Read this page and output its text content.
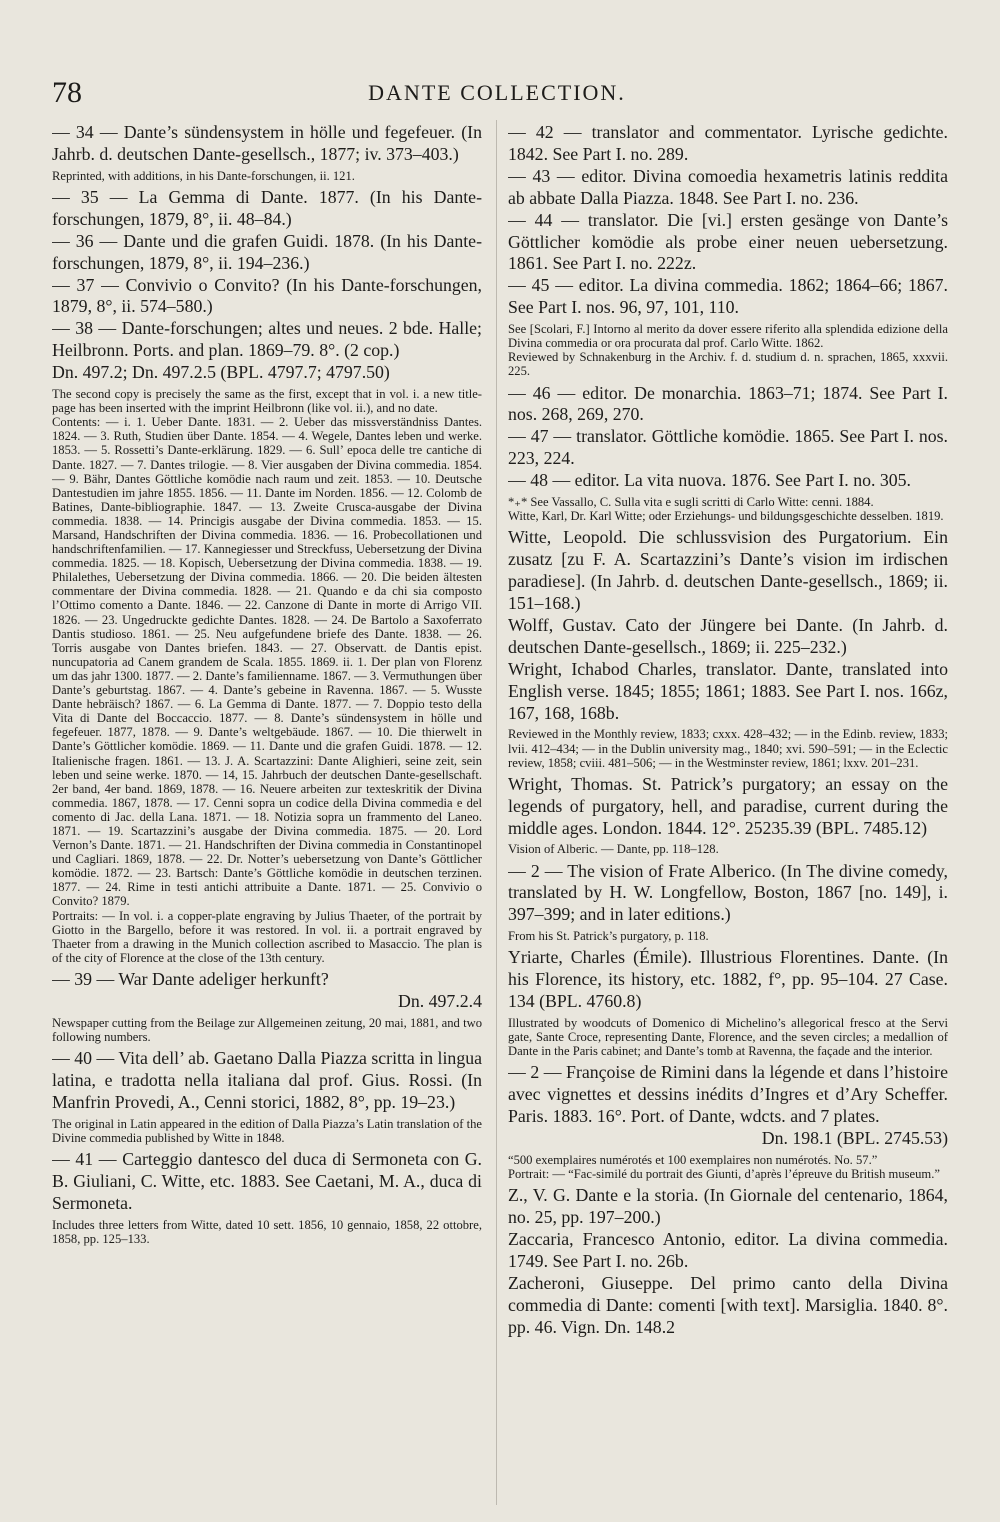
78	DANTE COLLECTION.

— 34 — Dante’s sündensystem in hölle und fegefeuer. (In Jahrb. d. deutschen Dante-gesellsch., 1877; iv. 373–403.)

Reprinted, with additions, in his Dante-forschungen, ii. 121.

— 35 — La Gemma di Dante. 1877. (In his Dante-forschungen, 1879, 8°, ii. 48–84.)

— 36 — Dante und die grafen Guidi. 1878. (In his Dante-forschungen, 1879, 8°, ii. 194–236.)

— 37 — Convivio o Convito? (In his Dante-forschungen, 1879, 8°, ii. 574–580.)

— 38 — Dante-forschungen; altes und neues. 2 bde. Halle; Heilbronn. Ports. and plan. 1869–79. 8°. (2 cop.)

Dn. 497.2; Dn. 497.2.5 (BPL. 4797.7; 4797.50)

The second copy is precisely the same as the first, except that in vol. i. a new title-page has been inserted with the imprint Heilbronn (like vol. ii.), and no date.

Contents: — i. 1. Ueber Dante. 1831. — 2. Ueber das missverständniss Dantes. 1824. — 3. Ruth, Studien über Dante. 1854. — 4. Wegele, Dantes leben und werke. 1853. — 5. Rossetti’s Dante-erklärung. 1829. — 6. Sull’ epoca delle tre cantiche di Dante. 1827. — 7. Dantes trilogie. — 8. Vier ausgaben der Divina commedia. 1854. — 9. Bähr, Dantes Göttliche komödie nach raum und zeit. 1853. — 10. Deutsche Dantestudien im jahre 1855. 1856. — 11. Dante im Norden. 1856. — 12. Colomb de Batines, Dante-bibliographie. 1847. — 13. Zweite Crusca-ausgabe der Divina commedia. 1838. — 14. Princigis ausgabe der Divina commedia. 1853. — 15. Marsand, Handschriften der Divina commedia. 1836. — 16. Probecollationen und handschriftenfamilien. — 17. Kannegiesser und Streckfuss, Uebersetzung der Divina commedia. 1825. — 18. Kopisch, Uebersetzung der Divina commedia. 1838. — 19. Philalethes, Uebersetzung der Divina commedia. 1866. — 20. Die beiden ältesten commentare der Divina commedia. 1828. — 21. Quando e da chi sia composto l’Ottimo comento a Dante. 1846. — 22. Canzone di Dante in morte di Arrigo VII. 1826. — 23. Ungedruckte gedichte Dantes. 1828. — 24. De Bartolo a Saxoferrato Dantis studioso. 1861. — 25. Neu aufgefundene briefe des Dante. 1838. — 26. Torris ausgabe von Dantes briefen. 1843. — 27. Observatt. de Dantis epist. nuncupatoria ad Canem grandem de Scala. 1855. 1869. ii. 1. Der plan von Florenz um das jahr 1300. 1877. — 2. Dante’s familienname. 1867. — 3. Vermuthungen über Dante’s geburtstag. 1867. — 4. Dante’s gebeine in Ravenna. 1867. — 5. Wusste Dante hebräisch? 1867. — 6. La Gemma di Dante. 1877. — 7. Doppio testo della Vita di Dante del Boccaccio. 1877. — 8. Dante’s sündensystem in hölle und fegefeuer. 1877, 1878. — 9. Dante’s weltgebäude. 1867. — 10. Die thierwelt in Dante’s Göttlicher komödie. 1869. — 11. Dante und die grafen Guidi. 1878. — 12. Italienische fragen. 1861. — 13. J. A. Scartazzini: Dante Alighieri, seine zeit, sein leben und seine werke. 1870. — 14, 15. Jahrbuch der deutschen Dante-gesellschaft. 2er band, 4er band. 1869, 1878. — 16. Neuere arbeiten zur texteskritik der Divina commedia. 1867, 1878. — 17. Cenni sopra un codice della Divina commedia e del comento di Jac. della Lana. 1871. — 18. Notizia sopra un frammento del Laneo. 1871. — 19. Scartazzini’s ausgabe der Divina commedia. 1875. — 20. Lord Vernon’s Dante. 1871. — 21. Handschriften der Divina commedia in Constantinopel und Cagliari. 1869, 1878. — 22. Dr. Notter’s uebersetzung von Dante’s Göttlicher komödie. 1872. — 23. Bartsch: Dante’s Göttliche komödie in deutschen terzinen. 1877. — 24. Rime in testi antichi attribuite a Dante. 1871. — 25. Convivio o Convito? 1879.

Portraits: — In vol. i. a copper-plate engraving by Julius Thaeter, of the portrait by Giotto in the Bargello, before it was restored. In vol. ii. a portrait engraved by Thaeter from a drawing in the Munich collection ascribed to Masaccio. The plan is of the city of Florence at the close of the 13th century.

— 39 — War Dante adeliger herkunft?

Dn. 497.2.4

Newspaper cutting from the Beilage zur Allgemeinen zeitung, 20 mai, 1881, and two following numbers.

— 40 — Vita dell’ ab. Gaetano Dalla Piazza scritta in lingua latina, e tradotta nella italiana dal prof. Gius. Rossi. (In Manfrin Provedi, A., Cenni storici, 1882, 8°, pp. 19–23.)

The original in Latin appeared in the edition of Dalla Piazza’s Latin translation of the Divine commedia published by Witte in 1848.

— 41 — Carteggio dantesco del duca di Sermoneta con G. B. Giuliani, C. Witte, etc. 1883. See Caetani, M. A., duca di Sermoneta.

Includes three letters from Witte, dated 10 sett. 1856, 10 gennaio, 1858, 22 ottobre, 1858, pp. 125–133.

— 42 — translator and commentator. Lyrische gedichte. 1842. See Part I. no. 289.

— 43 — editor. Divina comoedia hexametris latinis reddita ab abbate Dalla Piazza. 1848. See Part I. no. 236.

— 44 — translator. Die [vi.] ersten gesänge von Dante’s Göttlicher komödie als probe einer neuen uebersetzung. 1861. See Part I. no. 222z.

— 45 — editor. La divina commedia. 1862; 1864–66; 1867. See Part I. nos. 96, 97, 101, 110.

See [Scolari, F.] Intorno al merito da dover essere riferito alla splendida edizione della Divina commedia or ora procurata dal prof. Carlo Witte. 1862.

Reviewed by Schnakenburg in the Archiv. f. d. studium d. n. sprachen, 1865, xxxvii. 225.

— 46 — editor. De monarchia. 1863–71; 1874. See Part I. nos. 268, 269, 270.

— 47 — translator. Göttliche komödie. 1865. See Part I. nos. 223, 224.

— 48 — editor. La vita nuova. 1876. See Part I. no. 305.

*₊* See Vassallo, C. Sulla vita e sugli scritti di Carlo Witte: cenni. 1884.

Witte, Karl, Dr. Karl Witte; oder Erziehungs- und bildungsgeschichte desselben. 1819.

Witte, Leopold. Die schlussvision des Purgatorium. Ein zusatz [zu F. A. Scartazzini’s Dante’s vision im irdischen paradiese]. (In Jahrb. d. deutschen Dante-gesellsch., 1869; ii. 151–168.)

Wolff, Gustav. Cato der Jüngere bei Dante. (In Jahrb. d. deutschen Dante-gesellsch., 1869; ii. 225–232.)

Wright, Ichabod Charles, translator. Dante, translated into English verse. 1845; 1855; 1861; 1883. See Part I. nos. 166z, 167, 168, 168b.

Reviewed in the Monthly review, 1833; cxxx. 428–432; — in the Edinb. review, 1833; lvii. 412–434; — in the Dublin university mag., 1840; xvi. 590–591; — in the Eclectic review, 1858; cviii. 481–506; — in the Westminster review, 1861; lxxv. 201–231.

Wright, Thomas. St. Patrick’s purgatory; an essay on the legends of purgatory, hell, and paradise, current during the middle ages. London. 1844. 12°. 25235.39 (BPL. 7485.12)

Vision of Alberic. — Dante, pp. 118–128.

— 2 — The vision of Frate Alberico. (In The divine comedy, translated by H. W. Longfellow, Boston, 1867 [no. 149], i. 397–399; and in later editions.)

From his St. Patrick’s purgatory, p. 118.

Yriarte, Charles (Émile). Illustrious Florentines. Dante. (In his Florence, its history, etc. 1882, f°, pp. 95–104. 27 Case. 134 (BPL. 4760.8)

Illustrated by woodcuts of Domenico di Michelino’s allegorical fresco at the Servi gate, Sante Croce, representing Dante, Florence, and the seven circles; a medallion of Dante in the Paris cabinet; and Dante’s tomb at Ravenna, the façade and the interior.

— 2 — Françoise de Rimini dans la légende et dans l’histoire avec vignettes et dessins inédits d’Ingres et d’Ary Scheffer. Paris. 1883. 16°. Port. of Dante, wdcts. and 7 plates.

Dn. 198.1 (BPL. 2745.53)

“500 exemplaires numérotés et 100 exemplaires non numérotés. No. 57.”

Portrait: — “Fac-similé du portrait des Giunti, d’après l’épreuve du British museum.”

Z., V. G. Dante e la storia. (In Giornale del centenario, 1864, no. 25, pp. 197–200.)

Zaccaria, Francesco Antonio, editor. La divina commedia. 1749. See Part I. no. 26b.

Zacheroni, Giuseppe. Del primo canto della Divina commedia di Dante: comenti [with text]. Marsiglia. 1840. 8°. pp. 46. Vign. Dn. 148.2
